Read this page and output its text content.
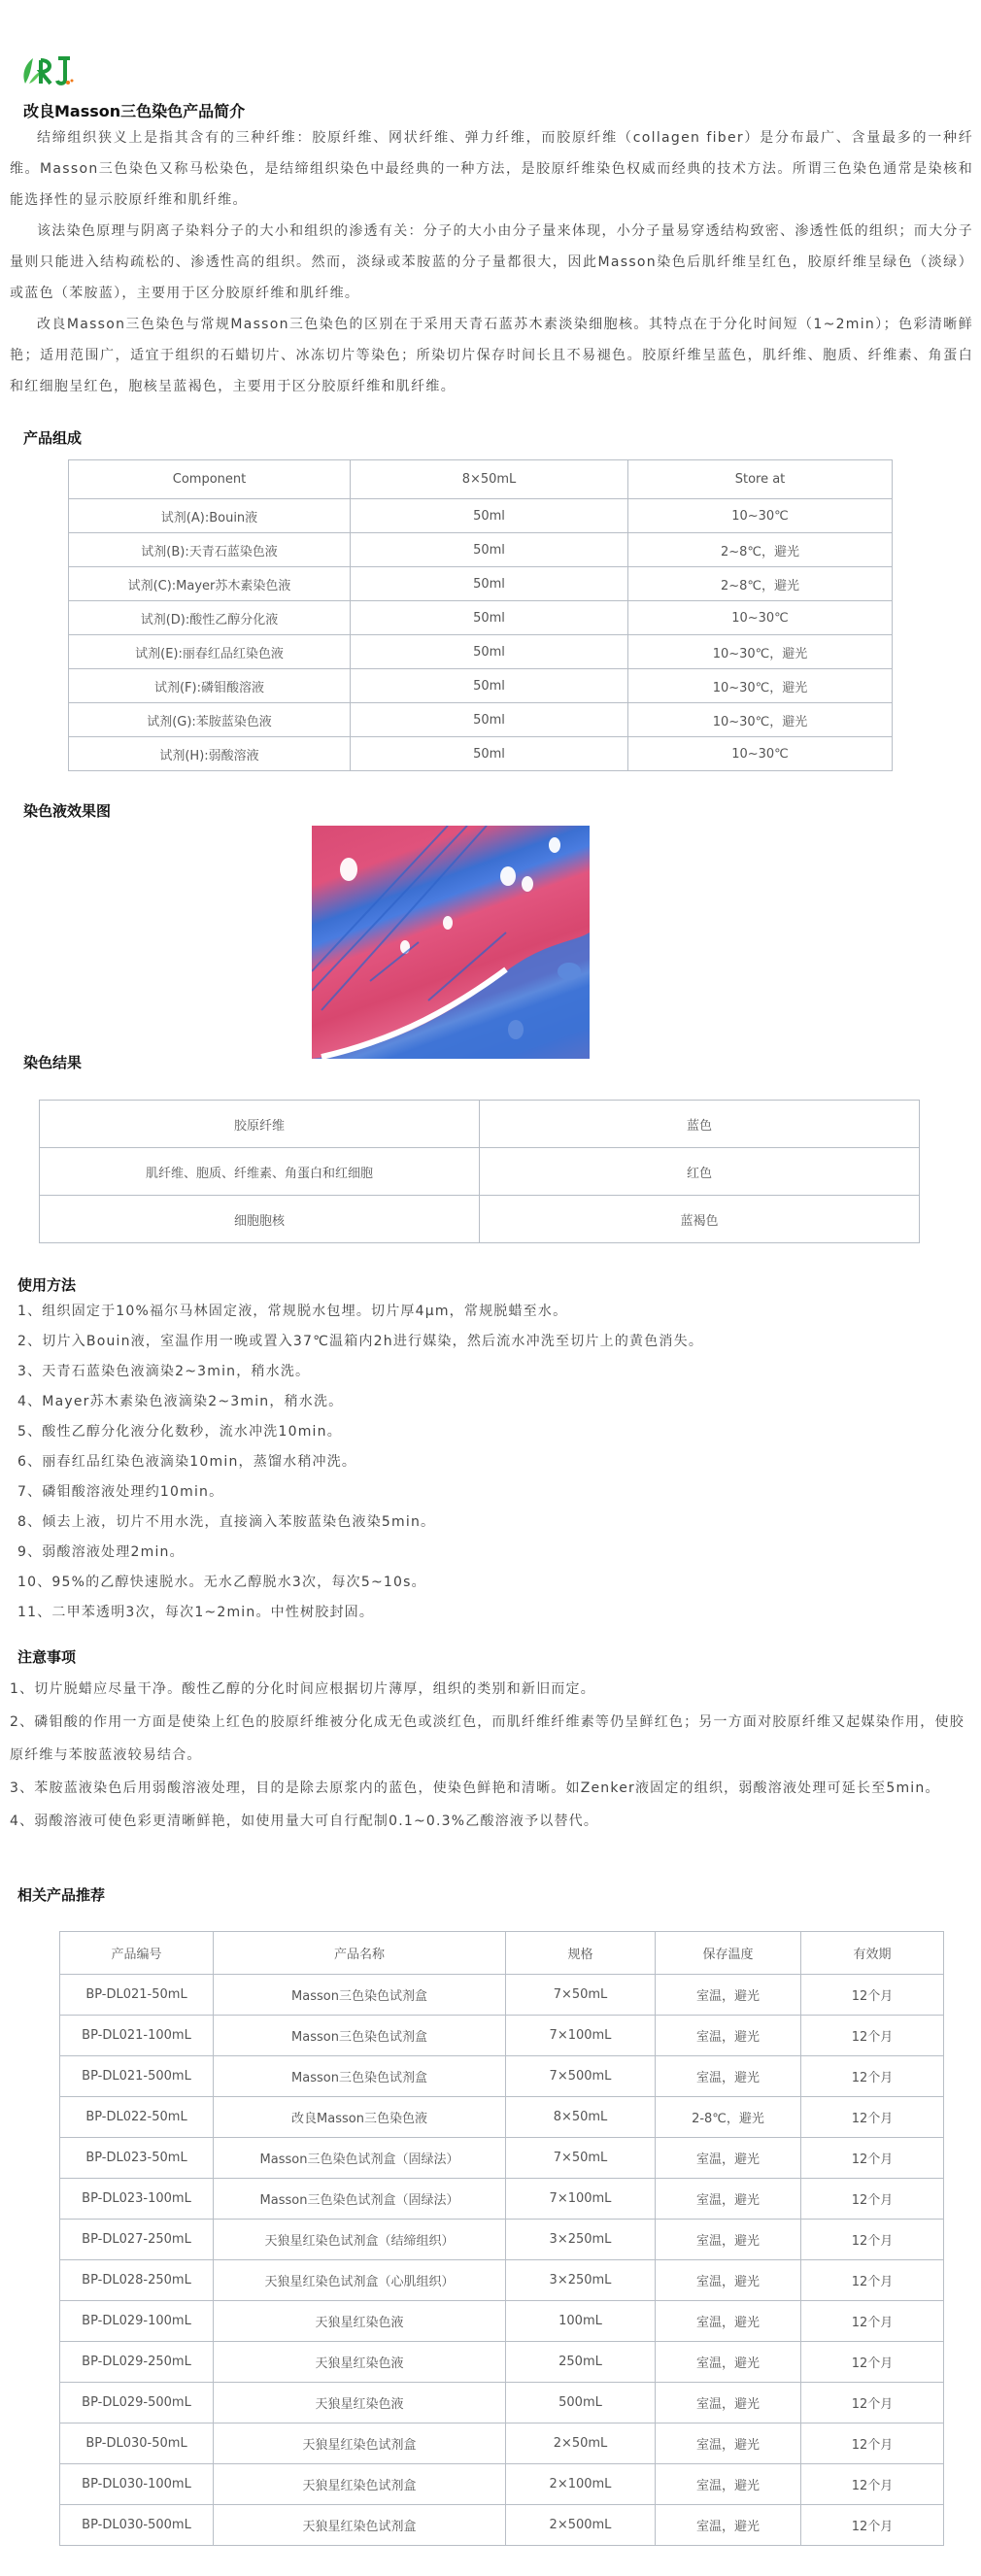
改良Masson三色染色产品简介

结缔组织狭义上是指其含有的三种纤维：胶原纤维、网状纤维、弹力纤维，而胶原纤维（collagen fiber）是分布最广、含量最多的一种纤维。Masson三色染色又称马松染色，是结缔组织染色中最经典的一种方法，是胶原纤维染色权威而经典的技术方法。所谓三色染色通常是染核和能选择性的显示胶原纤维和肌纤维。

该法染色原理与阴离子染料分子的大小和组织的渗透有关：分子的大小由分子量来体现，小分子量易穿透结构致密、渗透性低的组织；而大分子量则只能进入结构疏松的、渗透性高的组织。然而，淡绿或苯胺蓝的分子量都很大，因此Masson染色后肌纤维呈红色，胶原纤维呈绿色（淡绿）或蓝色（苯胺蓝），主要用于区分胶原纤维和肌纤维。

改良Masson三色染色与常规Masson三色染色的区别在于采用天青石蓝苏木素淡染细胞核。其特点在于分化时间短（1~2min）；色彩清晰鲜艳；适用范围广，适宜于组织的石蜡切片、冰冻切片等染色；所染切片保存时间长且不易褪色。胶原纤维呈蓝色，肌纤维、胞质、纤维素、角蛋白和红细胞呈红色，胞核呈蓝褐色，主要用于区分胶原纤维和肌纤维。

产品组成
Component	8×50mL	Store at
试剂(A):Bouin液	50ml	10~30℃
试剂(B):天青石蓝染色液	50ml	2~8℃，避光
试剂(C):Mayer苏木素染色液	50ml	2~8℃，避光
试剂(D):酸性乙醇分化液	50ml	10~30℃
试剂(E):丽春红品红染色液	50ml	10~30℃，避光
试剂(F):磷钼酸溶液	50ml	10~30℃，避光
试剂(G):苯胺蓝染色液	50ml	10~30℃，避光
试剂(H):弱酸溶液	50ml	10~30℃
染色液效果图
染色结果
胶原纤维	蓝色
肌纤维、胞质、纤维素、角蛋白和红细胞	红色
细胞胞核	蓝褐色
使用方法
1、组织固定于10%福尔马林固定液，常规脱水包埋。切片厚4μm，常规脱蜡至水。
2、切片入Bouin液，室温作用一晚或置入37℃温箱内2h进行媒染，然后流水冲洗至切片上的黄色消失。
3、天青石蓝染色液滴染2~3min，稍水洗。
4、Mayer苏木素染色液滴染2~3min，稍水洗。
5、酸性乙醇分化液分化数秒，流水冲洗10min。
6、丽春红品红染色液滴染10min，蒸馏水稍冲洗。
7、磷钼酸溶液处理约10min。
8、倾去上液，切片不用水洗，直接滴入苯胺蓝染色液染5min。
9、弱酸溶液处理2min。
10、95%的乙醇快速脱水。无水乙醇脱水3次，每次5~10s。
11、二甲苯透明3次，每次1~2min。中性树胶封固。
注意事项
1、切片脱蜡应尽量干净。酸性乙醇的分化时间应根据切片薄厚，组织的类别和新旧而定。
2、磷钼酸的作用一方面是使染上红色的胶原纤维被分化成无色或淡红色，而肌纤维纤维素等仍呈鲜红色；另一方面对胶原纤维又起媒染作用，使胶原纤维与苯胺蓝液较易结合。
3、苯胺蓝液染色后用弱酸溶液处理，目的是除去原浆内的蓝色，使染色鲜艳和清晰。如Zenker液固定的组织，弱酸溶液处理可延长至5min。
4、弱酸溶液可使色彩更清晰鲜艳，如使用量大可自行配制0.1~0.3%乙酸溶液予以替代。
相关产品推荐
产品编号	产品名称	规格	保存温度	有效期
BP-DL021-50mL	Masson三色染色试剂盒	7×50mL	室温，避光	12个月
BP-DL021-100mL	Masson三色染色试剂盒	7×100mL	室温，避光	12个月
BP-DL021-500mL	Masson三色染色试剂盒	7×500mL	室温，避光	12个月
BP-DL022-50mL	改良Masson三色染色液	8×50mL	2-8℃，避光	12个月
BP-DL023-50mL	Masson三色染色试剂盒（固绿法）	7×50mL	室温，避光	12个月
BP-DL023-100mL	Masson三色染色试剂盒（固绿法）	7×100mL	室温，避光	12个月
BP-DL027-250mL	天狼星红染色试剂盒（结缔组织）	3×250mL	室温，避光	12个月
BP-DL028-250mL	天狼星红染色试剂盒（心肌组织）	3×250mL	室温，避光	12个月
BP-DL029-100mL	天狼星红染色液	100mL	室温，避光	12个月
BP-DL029-250mL	天狼星红染色液	250mL	室温，避光	12个月
BP-DL029-500mL	天狼星红染色液	500mL	室温，避光	12个月
BP-DL030-50mL	天狼星红染色试剂盒	2×50mL	室温，避光	12个月
BP-DL030-100mL	天狼星红染色试剂盒	2×100mL	室温，避光	12个月
BP-DL030-500mL	天狼星红染色试剂盒	2×500mL	室温，避光	12个月
